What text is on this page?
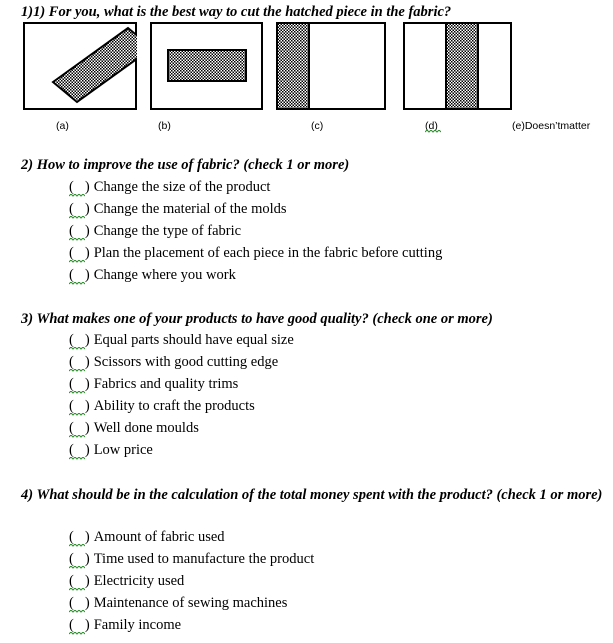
1)1) For you, what is the best way to cut the hatched piece in the fabric?
(a)	(b)	(c)	(d)	(e)Doesn’tmatter
2) How to improve the use of fabric? (check 1 or more)
( ) Change the size of the product
( ) Change the material of the molds
( ) Change the type of fabric
( ) Plan the placement of each piece in the fabric before cutting
( ) Change where you work
3) What makes one of your products to have good quality? (check one or more)
( ) Equal parts should have equal size
( ) Scissors with good cutting edge
( ) Fabrics and quality trims
( ) Ability to craft the products
( ) Well done moulds
( ) Low price
4) What should be in the calculation of the total money spent with the product? (check 1 or more)
( ) Amount of fabric used
( ) Time used to manufacture the product
( ) Electricity used
( ) Maintenance of sewing machines
( ) Family income
